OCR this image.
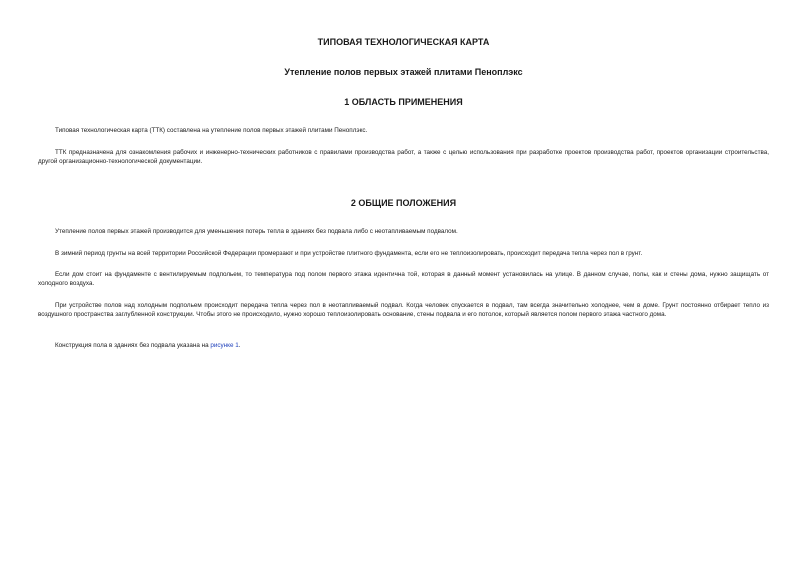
ТИПОВАЯ ТЕХНОЛОГИЧЕСКАЯ КАРТА
Утепление полов первых этажей плитами Пеноплэкс
1 ОБЛАСТЬ ПРИМЕНЕНИЯ
Типовая технологическая карта (ТТК) составлена на утепление полов первых этажей плитами Пеноплэкс.
ТТК предназначена для ознакомления рабочих и инженерно-технических работников с правилами производства работ, а также с целью использования при разработке проектов производства работ, проектов организации строительства, другой организационно-технологической документации.
2 ОБЩИЕ ПОЛОЖЕНИЯ
Утепление полов первых этажей производится для уменьшения потерь тепла в зданиях без подвала либо с неотапливаемым подвалом.
В зимний период грунты на всей территории Российской Федерации промерзают и при устройстве плитного фундамента, если его не теплоизолировать, происходит передача тепла через пол в грунт.
Если дом стоит на фундаменте с вентилируемым подпольем, то температура под полом первого этажа идентична той, которая в данный момент установилась на улице. В данном случае, полы, как и стены дома, нужно защищать от холодного воздуха.
При устройстве полов над холодным подпольем происходит передача тепла через пол в неотапливаемый подвал. Когда человек спускается в подвал, там всегда значительно холоднее, чем в доме. Грунт постоянно отбирает тепло из воздушного пространства заглубленной конструкции. Чтобы этого не происходило, нужно хорошо теплоизолировать основание, стены подвала и его потолок, который является полом первого этажа частного дома.
Конструкция пола в зданиях без подвала указана на рисунке 1.
